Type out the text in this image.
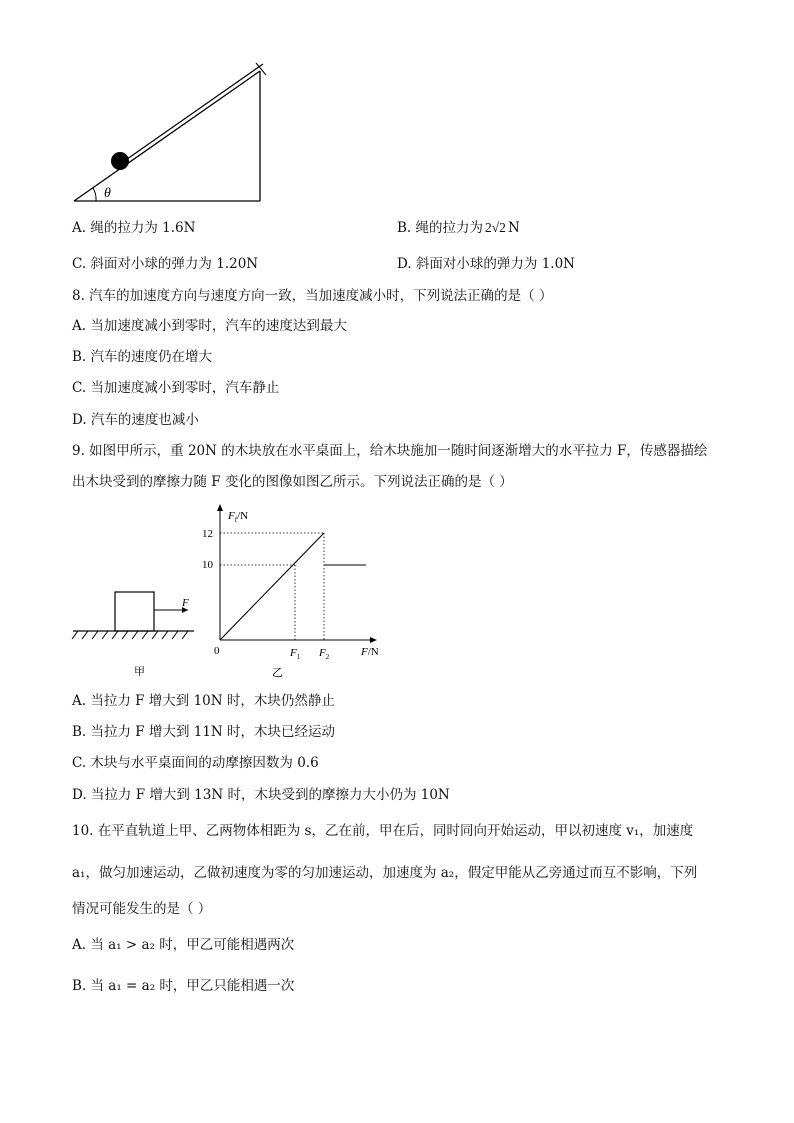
θ
A. 绳的拉力为 1.6N	B. 绳的拉力为 2√2 N
C. 斜面对小球的弹力为 1.20N	D. 斜面对小球的弹力为 1.0N
8. 汽车的加速度方向与速度方向一致，当加速度减小时，下列说法正确的是（ ）
A. 当加速度减小到零时，汽车的速度达到最大
B. 汽车的速度仍在增大
C. 当加速度减小到零时，汽车静止
D. 汽车的速度也减小
9. 如图甲所示，重 20N 的木块放在水平桌面上，给木块施加一随时间逐渐增大的水平拉力 F，传感器描绘
出木块受到的摩擦力随 F 变化的图像如图乙所示。下列说法正确的是（ ）
F
甲
$F_f/N$
F/N
0
12
10
$F_1$ $F_2$
乙
A. 当拉力 F 增大到 10N 时，木块仍然静止
B. 当拉力 F 增大到 11N 时，木块已经运动
C. 木块与水平桌面间的动摩擦因数为 0.6
D. 当拉力 F 增大到 13N 时，木块受到的摩擦力大小仍为 10N
10. 在平直轨道上甲、乙两物体相距为 s，乙在前，甲在后，同时同向开始运动，甲以初速度 v₁，加速度
a₁，做匀加速运动，乙做初速度为零的匀加速运动，加速度为 a₂，假定甲能从乙旁通过而互不影响，下列
情况可能发生的是（ ）
A. 当 a₁ > a₂ 时，甲乙可能相遇两次
B. 当 a₁ = a₂ 时，甲乙只能相遇一次
